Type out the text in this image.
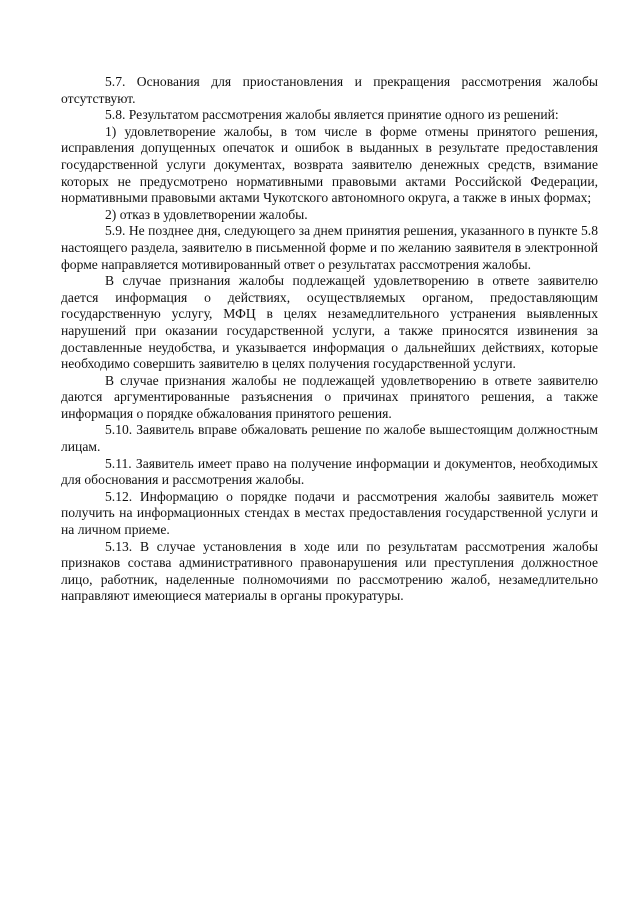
5.7. Основания для приостановления и прекращения рассмотрения жалобы отсутствуют.

5.8. Результатом рассмотрения жалобы является принятие одного из решений:

1) удовлетворение жалобы, в том числе в форме отмены принятого решения, исправления допущенных опечаток и ошибок в выданных в результате предоставления государственной услуги документах, возврата заявителю денежных средств, взимание которых не предусмотрено нормативными правовыми актами Российской Федерации, нормативными правовыми актами Чукотского автономного округа, а также в иных формах;

2) отказ в удовлетворении жалобы.

5.9. Не позднее дня, следующего за днем принятия решения, указанного в пункте 5.8 настоящего раздела, заявителю в письменной форме и по желанию заявителя в электронной форме направляется мотивированный ответ о результатах рассмотрения жалобы.

В случае признания жалобы подлежащей удовлетворению в ответе заявителю дается информация о действиях, осуществляемых органом, предоставляющим государственную услугу, МФЦ в целях незамедлительного устранения выявленных нарушений при оказании государственной услуги, а также приносятся извинения за доставленные неудобства, и указывается информация о дальнейших действиях, которые необходимо совершить заявителю в целях получения государственной услуги.

В случае признания жалобы не подлежащей удовлетворению в ответе заявителю даются аргументированные разъяснения о причинах принятого решения, а также информация о порядке обжалования принятого решения.

5.10. Заявитель вправе обжаловать решение по жалобе вышестоящим должностным лицам.

5.11. Заявитель имеет право на получение информации и документов, необходимых для обоснования и рассмотрения жалобы.

5.12. Информацию о порядке подачи и рассмотрения жалобы заявитель может получить на информационных стендах в местах предоставления государственной услуги и на личном приеме.

5.13. В случае установления в ходе или по результатам рассмотрения жалобы признаков состава административного правонарушения или преступления должностное лицо, работник, наделенные полномочиями по рассмотрению жалоб, незамедлительно направляют имеющиеся материалы в органы прокуратуры.
